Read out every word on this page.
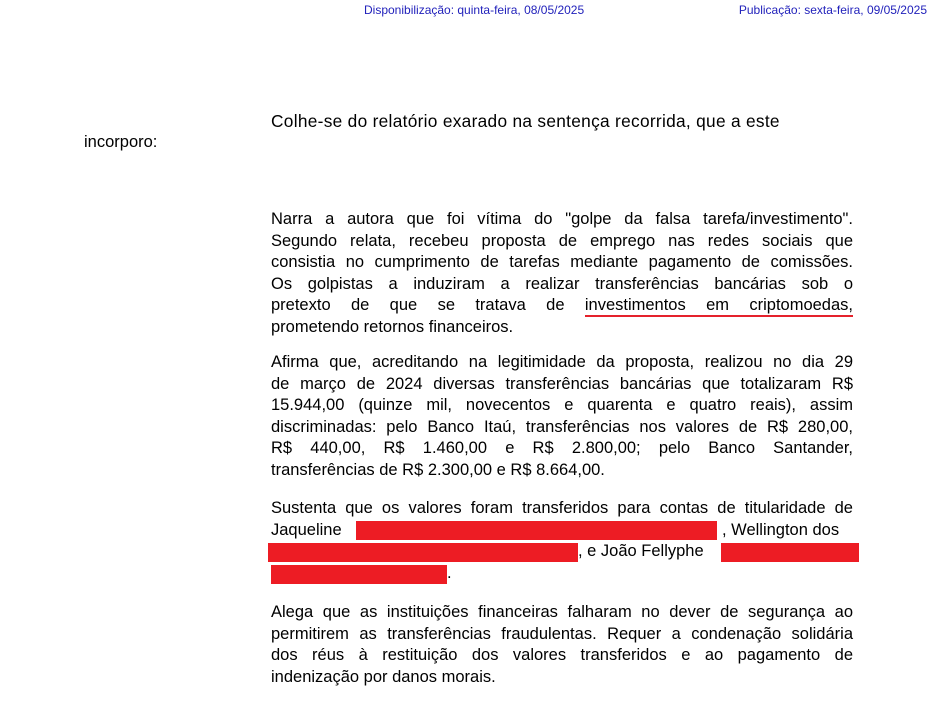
Disponibilização: quinta-feira, 08/05/2025	Publicação: sexta-feira, 09/05/2025
Colhe-se do relatório exarado na sentença recorrida, que a este
incorporo:
Narra a autora que foi vítima do "golpe da falsa tarefa/investimento".
Segundo relata, recebeu proposta de emprego nas redes sociais que
consistia no cumprimento de tarefas mediante pagamento de comissões.
Os golpistas a induziram a realizar transferências bancárias sob o
pretexto de que se tratava de investimentos em criptomoedas,
prometendo retornos financeiros.
Afirma que, acreditando na legitimidade da proposta, realizou no dia 29
de março de 2024 diversas transferências bancárias que totalizaram R$
15.944,00 (quinze mil, novecentos e quarenta e quatro reais), assim
discriminadas: pelo Banco Itaú, transferências nos valores de R$ 280,00,
R$ 440,00, R$ 1.460,00 e R$ 2.800,00; pelo Banco Santander,
transferências de R$ 2.300,00 e R$ 8.664,00.
Sustenta que os valores foram transferidos para contas de titularidade de
Jaqueline	, Wellington dos
, e João Fellyphe
.
Alega que as instituições financeiras falharam no dever de segurança ao
permitirem as transferências fraudulentas. Requer a condenação solidária
dos réus à restituição dos valores transferidos e ao pagamento de
indenização por danos morais.
